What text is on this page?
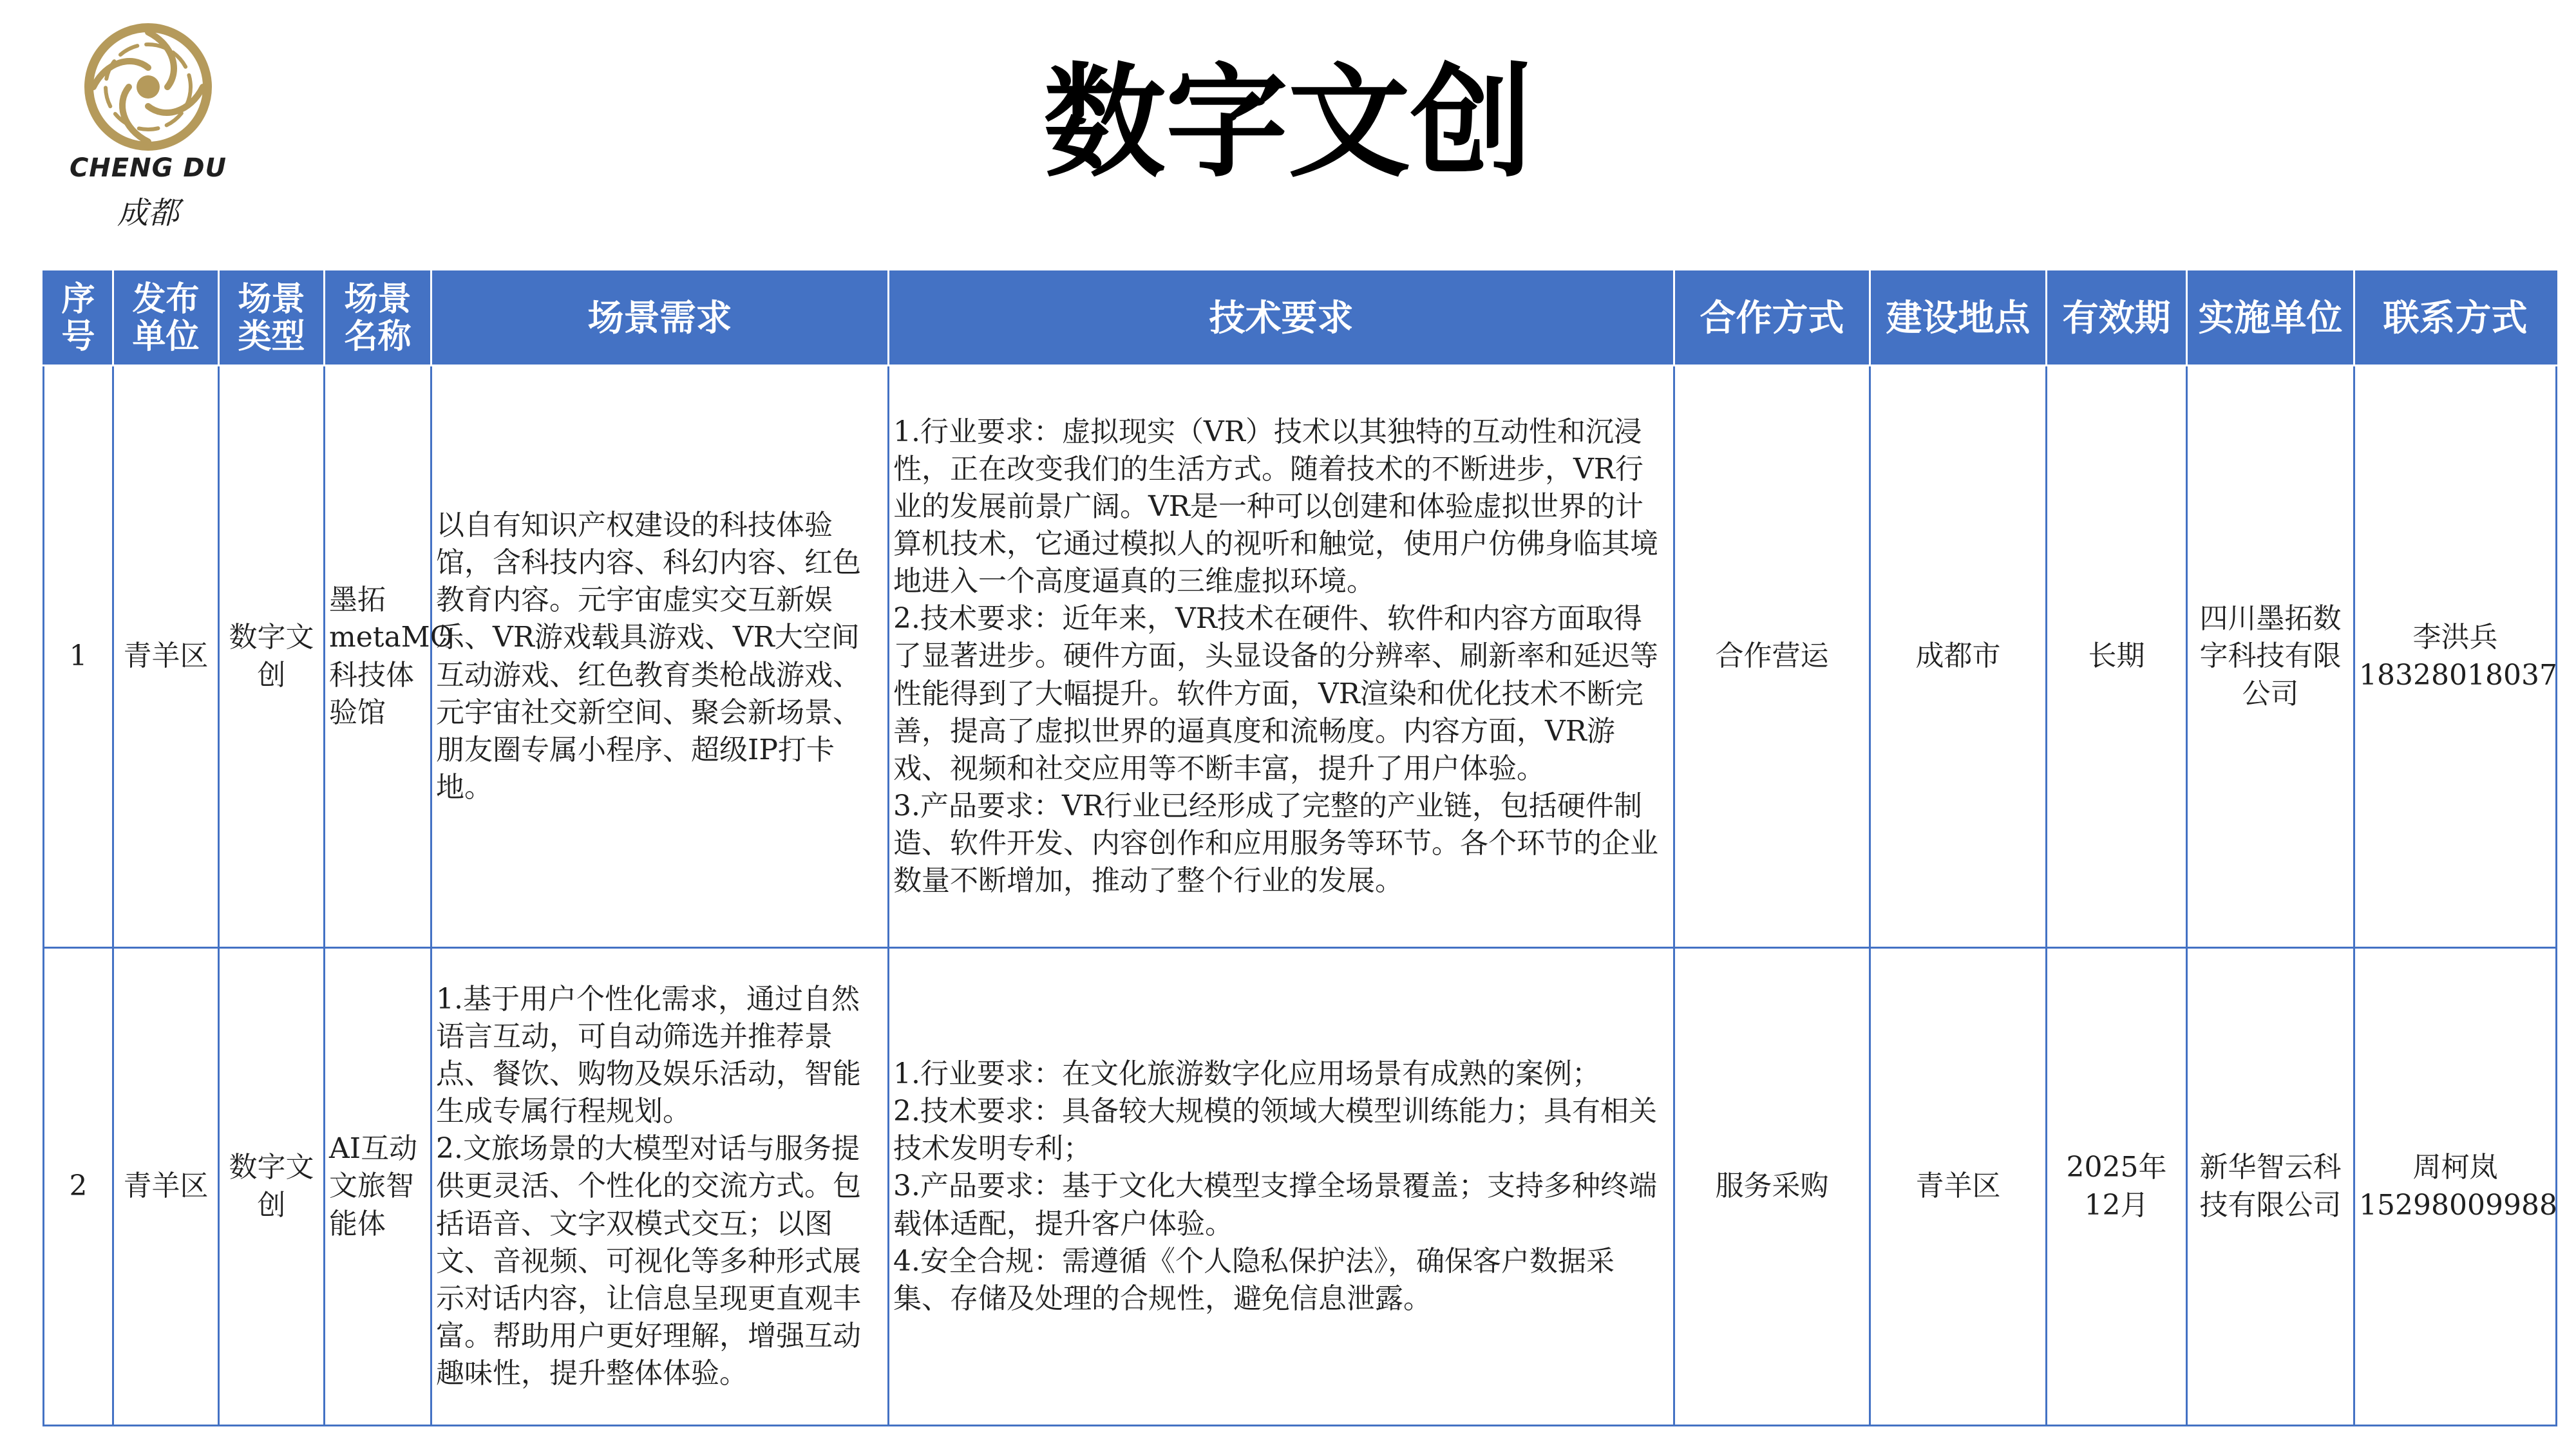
CHENG DU
成都
数字文创
序号	发布单位	场景类型	场景名称	场景需求	技术要求	合作方式	建设地点	有效期	实施单位	联系方式
1	青羊区	数字文创	墨拓metaMO科技体验馆	以自有知识产权建设的科技体验馆，含科技内容、科幻内容、红色教育内容。元宇宙虚实交互新娱乐、VR游戏载具游戏、VR大空间互动游戏、红色教育类枪战游戏、元宇宙社交新空间、聚会新场景、朋友圈专属小程序、超级IP打卡地。	1.行业要求：虚拟现实（VR）技术以其独特的互动性和沉浸性，正在改变我们的生活方式。随着技术的不断进步，VR行业的发展前景广阔。VR是一种可以创建和体验虚拟世界的计算机技术，它通过模拟人的视听和触觉，使用户仿佛身临其境地进入一个高度逼真的三维虚拟环境。
2.技术要求：近年来，VR技术在硬件、软件和内容方面取得了显著进步。硬件方面，头显设备的分辨率、刷新率和延迟等性能得到了大幅提升。软件方面，VR渲染和优化技术不断完善，提高了虚拟世界的逼真度和流畅度。内容方面，VR游戏、视频和社交应用等不断丰富，提升了用户体验。
3.产品要求：VR行业已经形成了完整的产业链，包括硬件制造、软件开发、内容创作和应用服务等环节。各个环节的企业数量不断增加，推动了整个行业的发展。	合作营运	成都市	长期	四川墨拓数字科技有限公司	李洪兵
18328018037

2	青羊区	数字文创	AI互动文旅智能体	1.基于用户个性化需求，通过自然语言互动，可自动筛选并推荐景点、餐饮、购物及娱乐活动，智能生成专属行程规划。
2.文旅场景的大模型对话与服务提供更灵活、个性化的交流方式。包括语音、文字双模式交互；以图文、音视频、可视化等多种形式展示对话内容，让信息呈现更直观丰富。帮助用户更好理解，增强互动趣味性，提升整体体验。	1.行业要求：在文化旅游数字化应用场景有成熟的案例；
2.技术要求：具备较大规模的领域大模型训练能力；具有相关技术发明专利；
3.产品要求：基于文化大模型支撑全场景覆盖；支持多种终端载体适配，提升客户体验。
4.安全合规：需遵循《个人隐私保护法》，确保客户数据采集、存储及处理的合规性，避免信息泄露。	服务采购	青羊区	2025年12月	新华智云科技有限公司	周柯岚
15298009988
